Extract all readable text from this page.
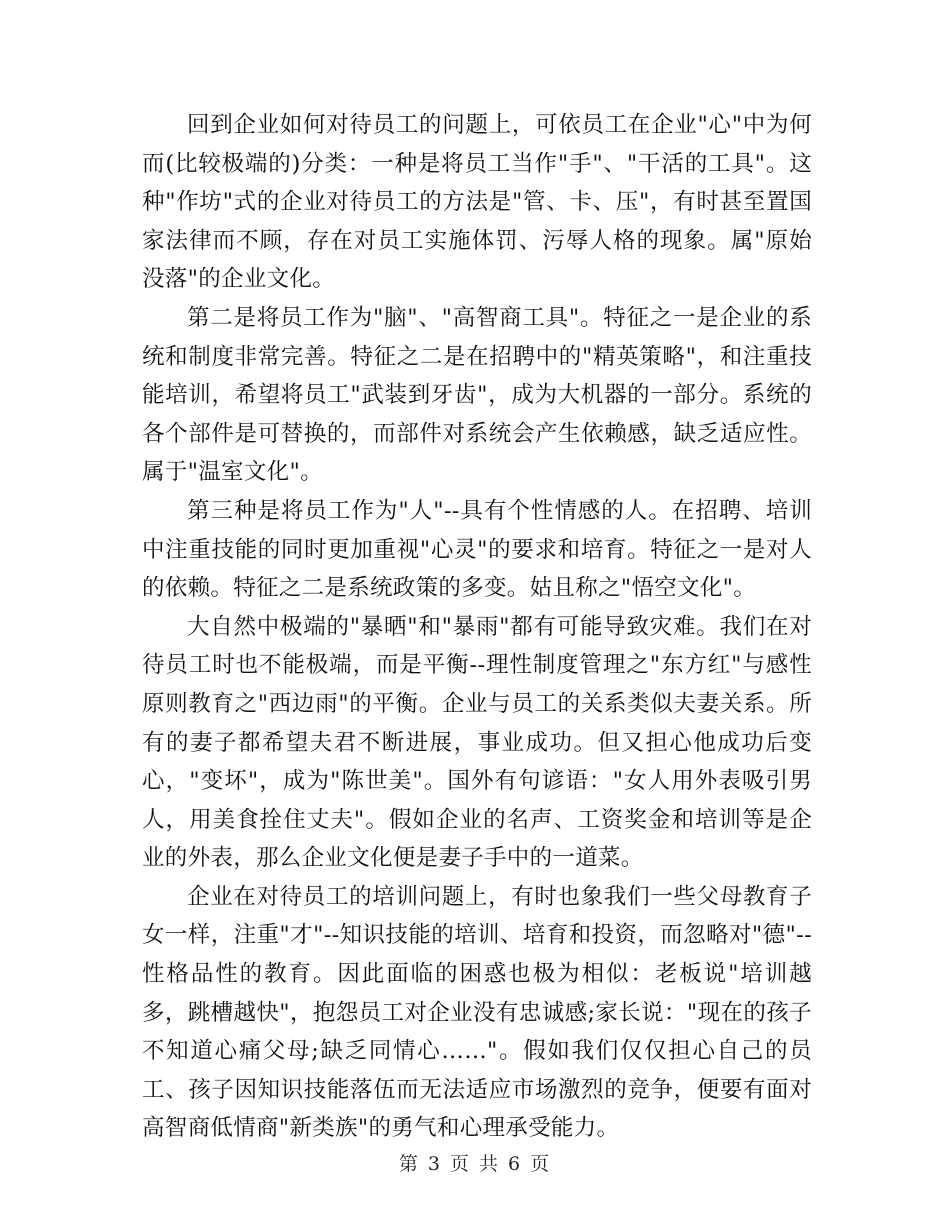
回到企业如何对待员工的问题上，可依员工在企业"心"中为何而(比较极端的)分类：一种是将员工当作"手"、"干活的工具"。这种"作坊"式的企业对待员工的方法是"管、卡、压"，有时甚至置国家法律而不顾，存在对员工实施体罚、污辱人格的现象。属"原始没落"的企业文化。

第二是将员工作为"脑"、"高智商工具"。特征之一是企业的系统和制度非常完善。特征之二是在招聘中的"精英策略"，和注重技能培训，希望将员工"武装到牙齿"，成为大机器的一部分。系统的各个部件是可替换的，而部件对系统会产生依赖感，缺乏适应性。属于"温室文化"。

第三种是将员工作为"人"--具有个性情感的人。在招聘、培训中注重技能的同时更加重视"心灵"的要求和培育。特征之一是对人的依赖。特征之二是系统政策的多变。姑且称之"悟空文化"。

大自然中极端的"暴晒"和"暴雨"都有可能导致灾难。我们在对待员工时也不能极端，而是平衡--理性制度管理之"东方红"与感性原则教育之"西边雨"的平衡。企业与员工的关系类似夫妻关系。所有的妻子都希望夫君不断进展，事业成功。但又担心他成功后变心，"变坏"，成为"陈世美"。国外有句谚语："女人用外表吸引男人，用美食拴住丈夫"。假如企业的名声、工资奖金和培训等是企业的外表，那么企业文化便是妻子手中的一道菜。

企业在对待员工的培训问题上，有时也象我们一些父母教育子女一样，注重"才"--知识技能的培训、培育和投资，而忽略对"德"--性格品性的教育。因此面临的困惑也极为相似：老板说"培训越多，跳槽越快"，抱怨员工对企业没有忠诚感;家长说："现在的孩子不知道心痛父母;缺乏同情心……"。假如我们仅仅担心自己的员工、孩子因知识技能落伍而无法适应市场激烈的竞争，便要有面对高智商低情商"新类族"的勇气和心理承受能力。

第 3 页 共 6 页
